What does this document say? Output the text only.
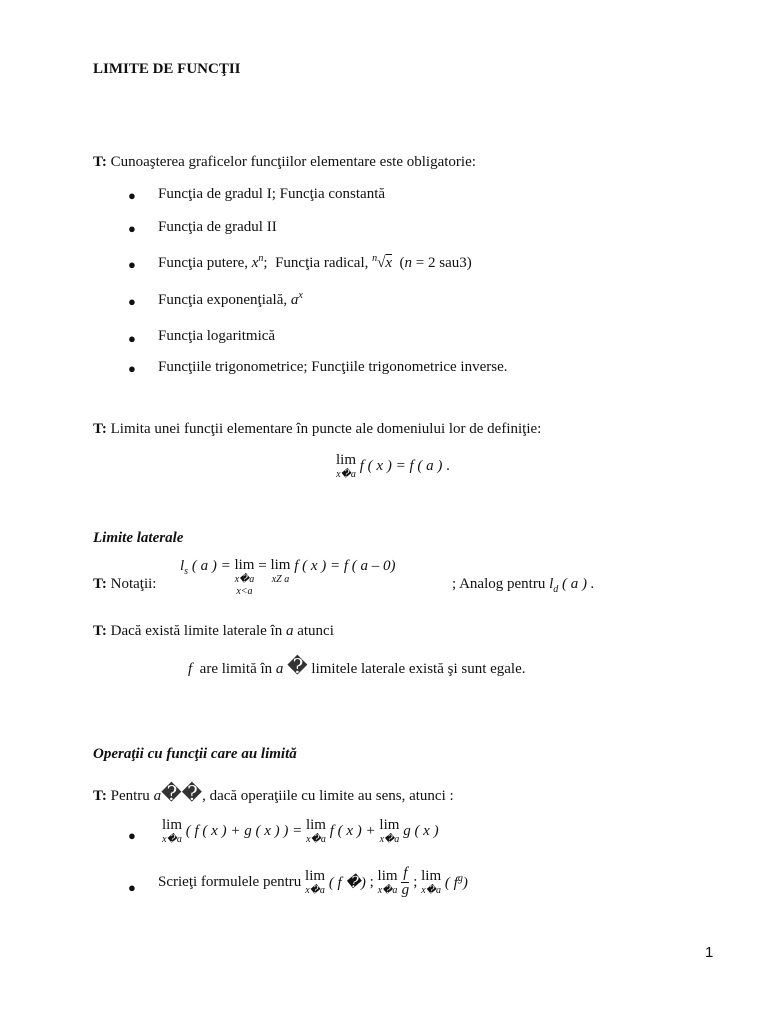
LIMITE DE FUNCŢII
T: Cunoaşterea graficelor funcţiilor elementare este obligatorie:
● Funcţia de gradul I; Funcţia constantă
● Funcţia de gradul II
● Funcţia putere, $x^n$;  Funcţia radical, $^n$√x  (n = 2 sau3)
● Funcţia exponenţială, $a^x$
● Funcţia logaritmică
● Funcţiile trigonometrice; Funcţiile trigonometrice inverse.
T: Limita unei funcţii elementare în puncte ale domeniului lor de definiţie:
lim
x�a
f ( x ) = f ( a ) .
Limite laterale
T: Notaţii:
$l_s$ ( a ) = lim
x�a
x<a
= lim
xZ a
f ( x ) = f ( a – 0)
; Analog pentru $l_d$ ( a ) .
T: Dacă există limite laterale în a atunci
f are limită în a � limitele laterale există şi sunt egale.
Operaţii cu funcţii care au limită
T: Pentru a��, dacă operaţiile cu limite au sens, atunci :
●
lim
x�a
( f ( x ) + g ( x ) ) = lim
x�a
f ( x ) + lim
x�a
g ( x )
● Scrieţi formulele pentru lim
x�a ( f �) ; lim
x�a
$\frac{f}{g}$ ; lim
x�a ( $f^g$)
1
